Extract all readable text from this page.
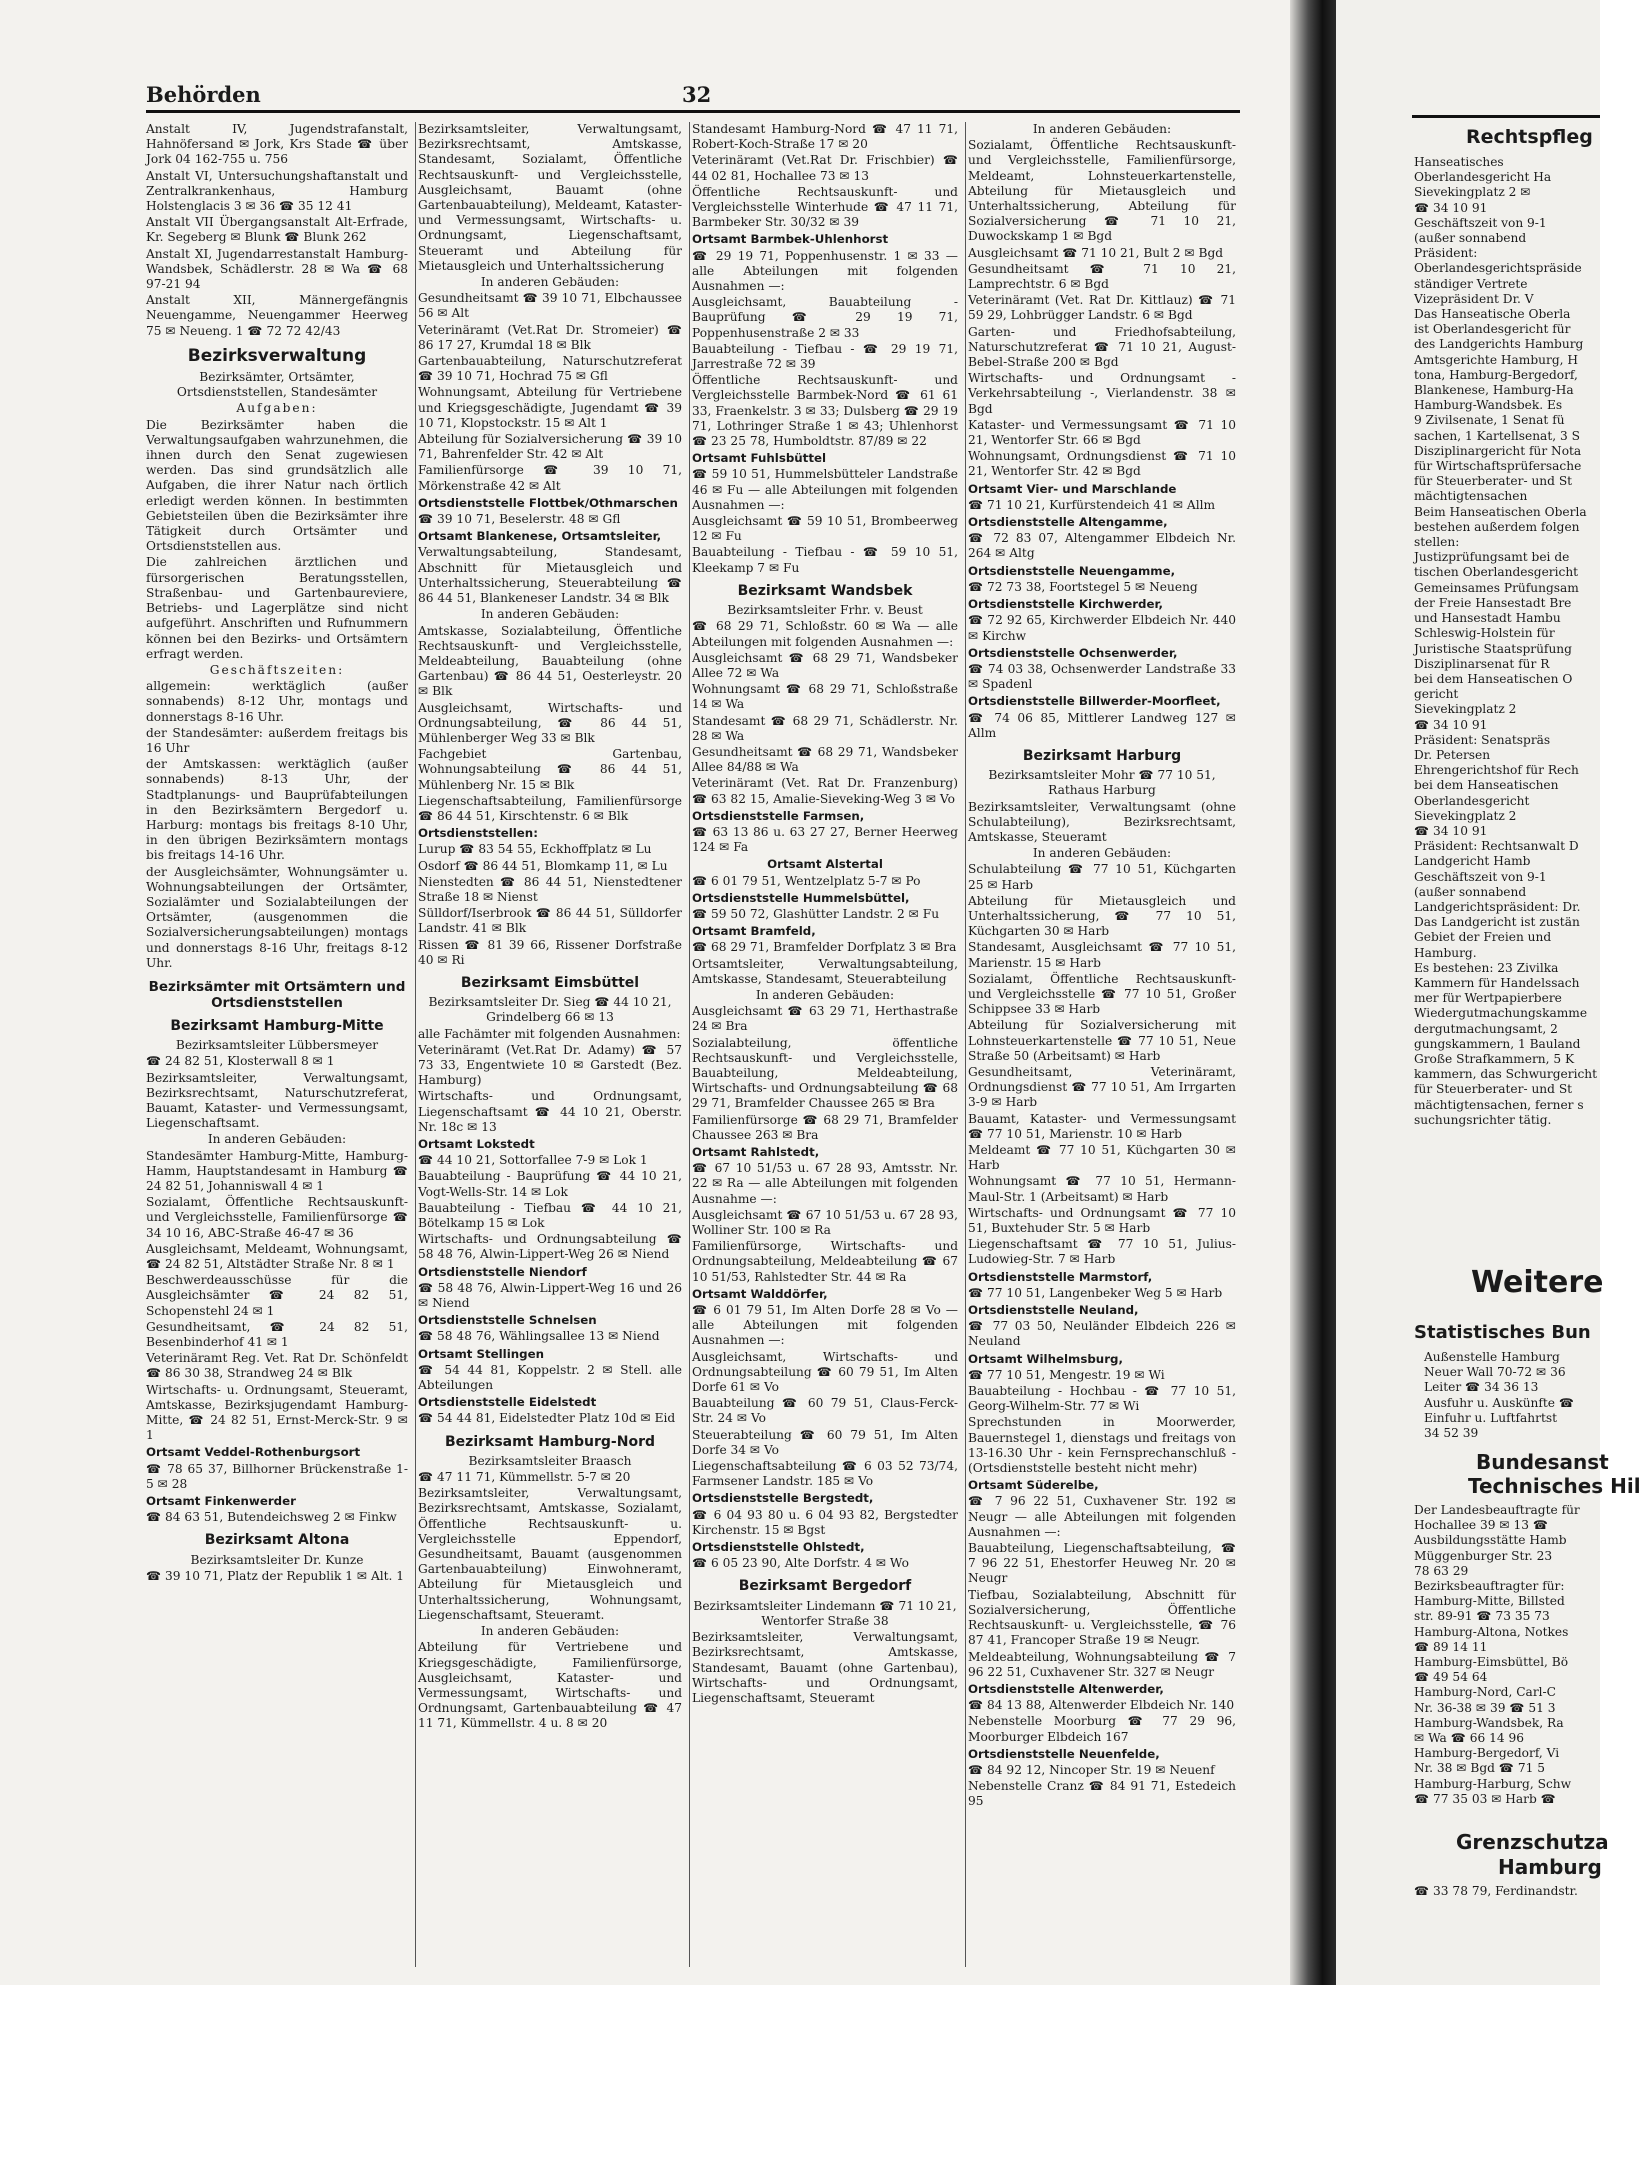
Behörden	32

Anstalt IV, Jugendstrafanstalt, Hahnöfersand ✉ Jork, Krs Stade ☎ über Jork 04 162-755 u. 756

Anstalt VI, Untersuchungshaftanstalt und Zentralkrankenhaus, Hamburg Holstenglacis 3 ✉ 36 ☎ 35 12 41

Anstalt VII Übergangsanstalt Alt-Erfrade, Kr. Segeberg ✉ Blunk ☎ Blunk 262

Anstalt XI, Jugendarrestanstalt Hamburg-Wandsbek, Schädlerstr. 28 ✉ Wa ☎ 68 97-21 94

Anstalt XII, Männergefängnis Neuengamme, Neuengammer Heerweg 75 ✉ Neueng. 1 ☎ 72 72 42/43

Bezirksverwaltung

Bezirksämter, Ortsämter, Ortsdienststellen, Standesämter

Aufgaben:

Die Bezirksämter haben die Verwaltungsaufgaben wahrzunehmen, die ihnen durch den Senat zugewiesen werden. Das sind grundsätzlich alle Aufgaben, die ihrer Natur nach örtlich erledigt werden können. In bestimmten Gebietsteilen üben die Bezirksämter ihre Tätigkeit durch Ortsämter und Ortsdienststellen aus.

Die zahlreichen ärztlichen und fürsorgerischen Beratungsstellen, Straßenbau- und Gartenbaureviere, Betriebs- und Lagerplätze sind nicht aufgeführt. Anschriften und Rufnummern können bei den Bezirks- und Ortsämtern erfragt werden.

Geschäftszeiten:

allgemein: werktäglich (außer sonnabends) 8-12 Uhr, montags und donnerstags 8-16 Uhr.

der Standesämter: außerdem freitags bis 16 Uhr

der Amtskassen: werktäglich (außer sonnabends) 8-13 Uhr, der Stadtplanungs- und Bauprüfabteilungen in den Bezirksämtern Bergedorf u. Harburg: montags bis freitags 8-10 Uhr, in den übrigen Bezirksämtern montags bis freitags 14-16 Uhr.

der Ausgleichsämter, Wohnungsämter u. Wohnungsabteilungen der Ortsämter, Sozialämter und Sozialabteilungen der Ortsämter, (ausgenommen die Sozialversicherungsabteilungen) montags und donnerstags 8-16 Uhr, freitags 8-12 Uhr.

Bezirksämter mit Ortsämtern und Ortsdienststellen
Bezirksamt Hamburg-Mitte

Bezirksamtsleiter Lübbersmeyer

☎ 24 82 51, Klosterwall 8 ✉ 1

Bezirksamtsleiter, Verwaltungsamt, Bezirksrechtsamt, Naturschutzreferat, Bauamt, Kataster- und Vermessungsamt, Liegenschaftsamt.

In anderen Gebäuden:

Standesämter Hamburg-Mitte, Hamburg-Hamm, Hauptstandesamt in Hamburg ☎ 24 82 51, Johanniswall 4 ✉ 1

Sozialamt, Öffentliche Rechtsauskunft- und Vergleichsstelle, Familienfürsorge ☎ 34 10 16, ABC-Straße 46-47 ✉ 36

Ausgleichsamt, Meldeamt, Wohnungsamt, ☎ 24 82 51, Altstädter Straße Nr. 8 ✉ 1

Beschwerdeausschüsse für die Ausgleichsämter ☎ 24 82 51, Schopenstehl 24 ✉ 1

Gesundheitsamt, ☎ 24 82 51, Besenbinderhof 41 ✉ 1

Veterinäramt Reg. Vet. Rat Dr. Schönfeldt ☎ 86 30 38, Strandweg 24 ✉ Blk

Wirtschafts- u. Ordnungsamt, Steueramt, Amtskasse, Bezirksjugendamt Hamburg-Mitte, ☎ 24 82 51, Ernst-Merck-Str. 9 ✉ 1

Ortsamt Veddel-Rothenburgsort

☎ 78 65 37, Billhorner Brückenstraße 1-5 ✉ 28

Ortsamt Finkenwerder

☎ 84 63 51, Butendeichsweg 2 ✉ Finkw

Bezirksamt Altona

Bezirksamtsleiter Dr. Kunze

☎ 39 10 71, Platz der Republik 1 ✉ Alt. 1

Bezirksamtsleiter, Verwaltungsamt, Bezirksrechtsamt, Amtskasse, Standesamt, Sozialamt, Öffentliche Rechtsauskunft- und Vergleichsstelle, Ausgleichsamt, Bauamt (ohne Gartenbauabteilung), Meldeamt, Kataster- und Vermessungsamt, Wirtschafts- u. Ordnungsamt, Liegenschaftsamt, Steueramt und Abteilung für Mietausgleich und Unterhaltssicherung

In anderen Gebäuden:

Gesundheitsamt ☎ 39 10 71, Elbchaussee 56 ✉ Alt

Veterinäramt (Vet.Rat Dr. Stromeier) ☎ 86 17 27, Krumdal 18 ✉ Blk

Gartenbauabteilung, Naturschutzreferat ☎ 39 10 71, Hochrad 75 ✉ Gfl

Wohnungsamt, Abteilung für Vertriebene und Kriegsgeschädigte, Jugendamt ☎ 39 10 71, Klopstockstr. 15 ✉ Alt 1

Abteilung für Sozialversicherung ☎ 39 10 71, Bahrenfelder Str. 42 ✉ Alt

Familienfürsorge ☎ 39 10 71, Mörkenstraße 42 ✉ Alt

Ortsdienststelle Flottbek/Othmarschen

☎ 39 10 71, Beselerstr. 48 ✉ Gfl

Ortsamt Blankenese, Ortsamtsleiter,

Verwaltungsabteilung, Standesamt, Abschnitt für Mietausgleich und Unterhaltssicherung, Steuerabteilung ☎ 86 44 51, Blankeneser Landstr. 34 ✉ Blk

In anderen Gebäuden:

Amtskasse, Sozialabteilung, Öffentliche Rechtsauskunft- und Vergleichsstelle, Meldeabteilung, Bauabteilung (ohne Gartenbau) ☎ 86 44 51, Oesterleystr. 20 ✉ Blk

Ausgleichsamt, Wirtschafts- und Ordnungsabteilung, ☎ 86 44 51, Mühlenberger Weg 33 ✉ Blk

Fachgebiet Gartenbau, Wohnungsabteilung ☎ 86 44 51, Mühlenberg Nr. 15 ✉ Blk

Liegenschaftsabteilung, Familienfürsorge ☎ 86 44 51, Kirschtenstr. 6 ✉ Blk

Ortsdienststellen:

Lurup ☎ 83 54 55, Eckhoffplatz ✉ Lu

Osdorf ☎ 86 44 51, Blomkamp 11, ✉ Lu

Nienstedten ☎ 86 44 51, Nienstedtener Straße 18 ✉ Nienst

Sülldorf/Iserbrook ☎ 86 44 51, Sülldorfer Landstr. 41 ✉ Blk

Rissen ☎ 81 39 66, Rissener Dorfstraße 40 ✉ Ri

Bezirksamt Eimsbüttel

Bezirksamtsleiter Dr. Sieg ☎ 44 10 21, Grindelberg 66 ✉ 13

alle Fachämter mit folgenden Ausnahmen:

Veterinäramt (Vet.Rat Dr. Adamy) ☎ 57 73 33, Engentwiete 10 ✉ Garstedt (Bez. Hamburg)

Wirtschafts- und Ordnungsamt, Liegenschaftsamt ☎ 44 10 21, Oberstr. Nr. 18c ✉ 13

Ortsamt Lokstedt

☎ 44 10 21, Sottorfallee 7-9 ✉ Lok 1

Bauabteilung - Bauprüfung ☎ 44 10 21, Vogt-Wells-Str. 14 ✉ Lok

Bauabteilung - Tiefbau ☎ 44 10 21, Bötelkamp 15 ✉ Lok

Wirtschafts- und Ordnungsabteilung ☎ 58 48 76, Alwin-Lippert-Weg 26 ✉ Niend

Ortsdienststelle Niendorf

☎ 58 48 76, Alwin-Lippert-Weg 16 und 26 ✉ Niend

Ortsdienststelle Schnelsen

☎ 58 48 76, Wählingsallee 13 ✉ Niend

Ortsamt Stellingen

☎ 54 44 81, Koppelstr. 2 ✉ Stell. alle Abteilungen

Ortsdienststelle Eidelstedt

☎ 54 44 81, Eidelstedter Platz 10d ✉ Eid

Bezirksamt Hamburg-Nord

Bezirksamtsleiter Braasch

☎ 47 11 71, Kümmellstr. 5-7 ✉ 20

Bezirksamtsleiter, Verwaltungsamt, Bezirksrechtsamt, Amtskasse, Sozialamt, Öffentliche Rechtsauskunft- u. Vergleichsstelle Eppendorf, Gesundheitsamt, Bauamt (ausgenommen Gartenbauabteilung) Einwohneramt, Abteilung für Mietausgleich und Unterhaltssicherung, Wohnungsamt, Liegenschaftsamt, Steueramt.

In anderen Gebäuden:

Abteilung für Vertriebene und Kriegsgeschädigte, Familienfürsorge, Ausgleichsamt, Kataster- und Vermessungsamt, Wirtschafts- und Ordnungsamt, Gartenbauabteilung ☎ 47 11 71, Kümmellstr. 4 u. 8 ✉ 20

Standesamt Hamburg-Nord ☎ 47 11 71, Robert-Koch-Straße 17 ✉ 20

Veterinäramt (Vet.Rat Dr. Frischbier) ☎ 44 02 81, Hochallee 73 ✉ 13

Öffentliche Rechtsauskunft- und Vergleichsstelle Winterhude ☎ 47 11 71, Barmbeker Str. 30/32 ✉ 39

Ortsamt Barmbek-Uhlenhorst

☎ 29 19 71, Poppenhusenstr. 1 ✉ 33 — alle Abteilungen mit folgenden Ausnahmen —:

Ausgleichsamt, Bauabteilung - Bauprüfung ☎ 29 19 71, Poppenhusenstraße 2 ✉ 33

Bauabteilung - Tiefbau - ☎ 29 19 71, Jarrestraße 72 ✉ 39

Öffentliche Rechtsauskunft- und Vergleichsstelle Barmbek-Nord ☎ 61 61 33, Fraenkelstr. 3 ✉ 33; Dulsberg ☎ 29 19 71, Lothringer Straße 1 ✉ 43; Uhlenhorst ☎ 23 25 78, Humboldtstr. 87/89 ✉ 22

Ortsamt Fuhlsbüttel

☎ 59 10 51, Hummelsbütteler Landstraße 46 ✉ Fu — alle Abteilungen mit folgenden Ausnahmen —:

Ausgleichsamt ☎ 59 10 51, Brombeerweg 12 ✉ Fu

Bauabteilung - Tiefbau - ☎ 59 10 51, Kleekamp 7 ✉ Fu

Bezirksamt Wandsbek

Bezirksamtsleiter Frhr. v. Beust

☎ 68 29 71, Schloßstr. 60 ✉ Wa — alle Abteilungen mit folgenden Ausnahmen —:

Ausgleichsamt ☎ 68 29 71, Wandsbeker Allee 72 ✉ Wa

Wohnungsamt ☎ 68 29 71, Schloßstraße 14 ✉ Wa

Standesamt ☎ 68 29 71, Schädlerstr. Nr. 28 ✉ Wa

Gesundheitsamt ☎ 68 29 71, Wandsbeker Allee 84/88 ✉ Wa

Veterinäramt (Vet. Rat Dr. Franzenburg) ☎ 63 82 15, Amalie-Sieveking-Weg 3 ✉ Vo

Ortsdienststelle Farmsen,

☎ 63 13 86 u. 63 27 27, Berner Heerweg 124 ✉ Fa

Ortsamt Alstertal

☎ 6 01 79 51, Wentzelplatz 5-7 ✉ Po

Ortsdienststelle Hummelsbüttel,

☎ 59 50 72, Glashütter Landstr. 2 ✉ Fu

Ortsamt Bramfeld,

☎ 68 29 71, Bramfelder Dorfplatz 3 ✉ Bra

Ortsamtsleiter, Verwaltungsabteilung, Amtskasse, Standesamt, Steuerabteilung

In anderen Gebäuden:

Ausgleichsamt ☎ 63 29 71, Herthastraße 24 ✉ Bra

Sozialabteilung, öffentliche Rechtsauskunft- und Vergleichsstelle, Bauabteilung, Meldeabteilung, Wirtschafts- und Ordnungsabteilung ☎ 68 29 71, Bramfelder Chaussee 265 ✉ Bra

Familienfürsorge ☎ 68 29 71, Bramfelder Chaussee 263 ✉ Bra

Ortsamt Rahlstedt,

☎ 67 10 51/53 u. 67 28 93, Amtsstr. Nr. 22 ✉ Ra — alle Abteilungen mit folgenden Ausnahme —:

Ausgleichsamt ☎ 67 10 51/53 u. 67 28 93, Wolliner Str. 100 ✉ Ra

Familienfürsorge, Wirtschafts- und Ordnungsabteilung, Meldeabteilung ☎ 67 10 51/53, Rahlstedter Str. 44 ✉ Ra

Ortsamt Walddörfer,

☎ 6 01 79 51, Im Alten Dorfe 28 ✉ Vo — alle Abteilungen mit folgenden Ausnahmen —:

Ausgleichsamt, Wirtschafts- und Ordnungsabteilung ☎ 60 79 51, Im Alten Dorfe 61 ✉ Vo

Bauabteilung ☎ 60 79 51, Claus-Ferck-Str. 24 ✉ Vo

Steuerabteilung ☎ 60 79 51, Im Alten Dorfe 34 ✉ Vo

Liegenschaftsabteilung ☎ 6 03 52 73/74, Farmsener Landstr. 185 ✉ Vo

Ortsdienststelle Bergstedt,

☎ 6 04 93 80 u. 6 04 93 82, Bergstedter Kirchenstr. 15 ✉ Bgst

Ortsdienststelle Ohlstedt,

☎ 6 05 23 90, Alte Dorfstr. 4 ✉ Wo

Bezirksamt Bergedorf

Bezirksamtsleiter Lindemann ☎ 71 10 21, Wentorfer Straße 38

Bezirksamtsleiter, Verwaltungsamt, Bezirksrechtsamt, Amtskasse, Standesamt, Bauamt (ohne Gartenbau), Wirtschafts- und Ordnungsamt, Liegenschaftsamt, Steueramt

In anderen Gebäuden:

Sozialamt, Öffentliche Rechtsauskunft- und Vergleichsstelle, Familienfürsorge, Meldeamt, Lohnsteuerkartenstelle, Abteilung für Mietausgleich und Unterhaltssicherung, Abteilung für Sozialversicherung ☎ 71 10 21, Duwockskamp 1 ✉ Bgd

Ausgleichsamt ☎ 71 10 21, Bult 2 ✉ Bgd

Gesundheitsamt ☎ 71 10 21, Lamprechtstr. 6 ✉ Bgd

Veterinäramt (Vet. Rat Dr. Kittlauz) ☎ 71 59 29, Lohbrügger Landstr. 6 ✉ Bgd

Garten- und Friedhofsabteilung, Naturschutzreferat ☎ 71 10 21, August-Bebel-Straße 200 ✉ Bgd

Wirtschafts- und Ordnungsamt - Verkehrsabteilung -, Vierlandenstr. 38 ✉ Bgd

Kataster- und Vermessungsamt ☎ 71 10 21, Wentorfer Str. 66 ✉ Bgd

Wohnungsamt, Ordnungsdienst ☎ 71 10 21, Wentorfer Str. 42 ✉ Bgd

Ortsamt Vier- und Marschlande

☎ 71 10 21, Kurfürstendeich 41 ✉ Allm

Ortsdienststelle Altengamme,

☎ 72 83 07, Altengammer Elbdeich Nr. 264 ✉ Altg

Ortsdienststelle Neuengamme,

☎ 72 73 38, Foortstegel 5 ✉ Neueng

Ortsdienststelle Kirchwerder,

☎ 72 92 65, Kirchwerder Elbdeich Nr. 440 ✉ Kirchw

Ortsdienststelle Ochsenwerder,

☎ 74 03 38, Ochsenwerder Landstraße 33 ✉ Spadenl

Ortsdienststelle Billwerder-Moorfleet,

☎ 74 06 85, Mittlerer Landweg 127 ✉ Allm

Bezirksamt Harburg

Bezirksamtsleiter Mohr ☎ 77 10 51, Rathaus Harburg

Bezirksamtsleiter, Verwaltungsamt (ohne Schulabteilung), Bezirksrechtsamt, Amtskasse, Steueramt

In anderen Gebäuden:

Schulabteilung ☎ 77 10 51, Küchgarten 25 ✉ Harb

Abteilung für Mietausgleich und Unterhaltssicherung, ☎ 77 10 51, Küchgarten 30 ✉ Harb

Standesamt, Ausgleichsamt ☎ 77 10 51, Marienstr. 15 ✉ Harb

Sozialamt, Öffentliche Rechtsauskunft- und Vergleichsstelle ☎ 77 10 51, Großer Schippsee 33 ✉ Harb

Abteilung für Sozialversicherung mit Lohnsteuerkartenstelle ☎ 77 10 51, Neue Straße 50 (Arbeitsamt) ✉ Harb

Gesundheitsamt, Veterinäramt, Ordnungsdienst ☎ 77 10 51, Am Irrgarten 3-9 ✉ Harb

Bauamt, Kataster- und Vermessungsamt ☎ 77 10 51, Marienstr. 10 ✉ Harb

Meldeamt ☎ 77 10 51, Küchgarten 30 ✉ Harb

Wohnungsamt ☎ 77 10 51, Hermann-Maul-Str. 1 (Arbeitsamt) ✉ Harb

Wirtschafts- und Ordnungsamt ☎ 77 10 51, Buxtehuder Str. 5 ✉ Harb

Liegenschaftsamt ☎ 77 10 51, Julius-Ludowieg-Str. 7 ✉ Harb

Ortsdienststelle Marmstorf,

☎ 77 10 51, Langenbeker Weg 5 ✉ Harb

Ortsdienststelle Neuland,

☎ 77 03 50, Neuländer Elbdeich 226 ✉ Neuland

Ortsamt Wilhelmsburg,

☎ 77 10 51, Mengestr. 19 ✉ Wi

Bauabteilung - Hochbau - ☎ 77 10 51, Georg-Wilhelm-Str. 77 ✉ Wi

Sprechstunden in Moorwerder, Bauernstegel 1, dienstags und freitags von 13-16.30 Uhr - kein Fernsprechanschluß - (Ortsdienststelle besteht nicht mehr)

Ortsamt Süderelbe,

☎ 7 96 22 51, Cuxhavener Str. 192 ✉ Neugr — alle Abteilungen mit folgenden Ausnahmen —:

Bauabteilung, Liegenschaftsabteilung, ☎ 7 96 22 51, Ehestorfer Heuweg Nr. 20 ✉ Neugr

Tiefbau, Sozialabteilung, Abschnitt für Sozialversicherung, Öffentliche Rechtsauskunft- u. Vergleichsstelle, ☎ 76 87 41, Francoper Straße 19 ✉ Neugr.

Meldeabteilung, Wohnungsabteilung ☎ 7 96 22 51, Cuxhavener Str. 327 ✉ Neugr

Ortsdienststelle Altenwerder,

☎ 84 13 88, Altenwerder Elbdeich Nr. 140

Nebenstelle Moorburg ☎ 77 29 96, Moorburger Elbdeich 167

Ortsdienststelle Neuenfelde,

☎ 84 92 12, Nincoper Str. 19 ✉ Neuenf

Nebenstelle Cranz ☎ 84 91 71, Estedeich 95

Rechtspfleg

Hanseatisches

Oberlandesgericht Ha

Sievekingplatz 2 ✉

☎ 34 10 91

Geschäftszeit von 9-1

(außer sonnabend

Präsident:

Oberlandesgerichtspräside

ständiger Vertrete

Vizepräsident Dr. V

Das Hanseatische Oberla

ist Oberlandesgericht für

des Landgerichts Hamburg

Amtsgerichte Hamburg, H

tona, Hamburg-Bergedorf,

Blankenese, Hamburg-Ha

Hamburg-Wandsbek. Es

9 Zivilsenate, 1 Senat fü

sachen, 1 Kartellsenat, 3 S

Disziplinargericht für Nota

für Wirtschaftsprüfersache

für Steuerberater- und St

mächtigtensachen

Beim Hanseatischen Oberla

bestehen außerdem folgen

stellen:

Justizprüfungsamt bei de

tischen Oberlandesgericht

Gemeinsames Prüfungsam

der Freie Hansestadt Bre

und Hansestadt Hambu

Schleswig-Holstein für

Juristische Staatsprüfung

Disziplinarsenat für R

bei dem Hanseatischen O

gericht

Sievekingplatz 2

☎ 34 10 91

Präsident: Senatspräs

Dr. Petersen

Ehrengerichtshof für Rech

bei dem Hanseatischen

Oberlandesgericht

Sievekingplatz 2

☎ 34 10 91

Präsident: Rechtsanwalt D

Landgericht Hamb

Geschäftszeit von 9-1

(außer sonnabend

Landgerichtspräsident: Dr.

Das Landgericht ist zustän

Gebiet der Freien und

Hamburg.

Es bestehen: 23 Zivilka

Kammern für Handelssach

mer für Wertpapierbere

Wiedergutmachungskamme

dergutmachungsamt, 2

gungskammern, 1 Bauland

Große Strafkammern, 5 K

kammern, das Schwurgericht

für Steuerberater- und St

mächtigtensachen, ferner s

suchungsrichter tätig.

Weitere
Statistisches Bun

Außenstelle Hamburg

Neuer Wall 70-72 ✉ 36

Leiter ☎ 34 36 13

Ausfuhr u. Auskünfte ☎

Einfuhr u. Luftfahrtst

34 52 39

Bundesanst
Technisches Hil

Der Landesbeauftragte für

Hochallee 39 ✉ 13 ☎

Ausbildungsstätte Hamb

Müggenburger Str. 23

78 63 29

Bezirksbeauftragter für:

Hamburg-Mitte, Billsted

str. 89-91 ☎ 73 35 73

Hamburg-Altona, Notkes

☎ 89 14 11

Hamburg-Eimsbüttel, Bö

☎ 49 54 64

Hamburg-Nord, Carl-C

Nr. 36-38 ✉ 39 ☎ 51 3

Hamburg-Wandsbek, Ra

✉ Wa ☎ 66 14 96

Hamburg-Bergedorf, Vi

Nr. 38 ✉ Bgd ☎ 71 5

Hamburg-Harburg, Schw

☎ 77 35 03 ✉ Harb ☎

Grenzschutza
Hamburg
☎ 33 78 79, Ferdinandstr.
